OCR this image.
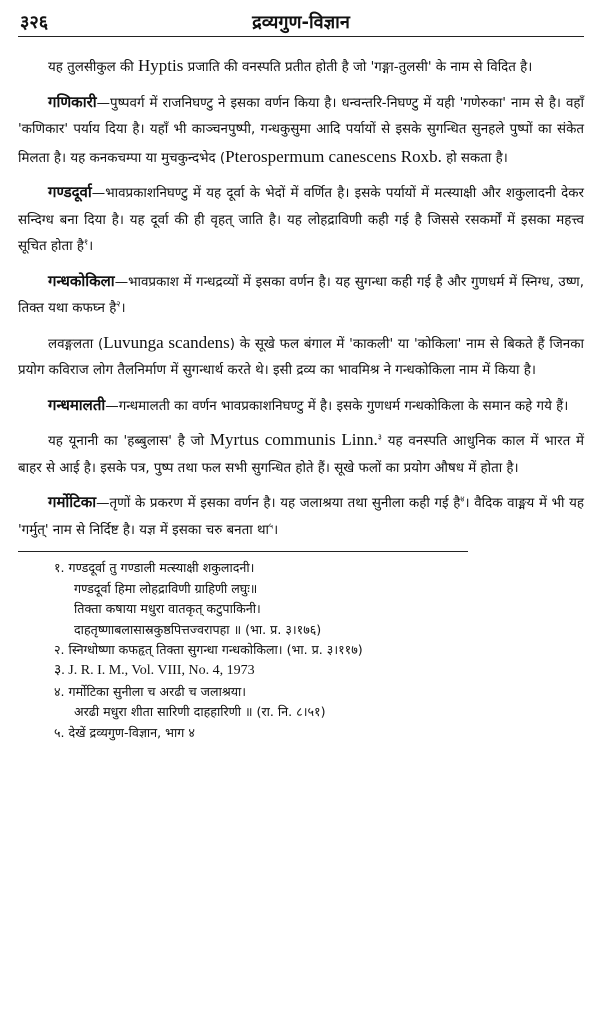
३२६	द्रव्यगुण-विज्ञान

यह तुलसीकुल की Hyptis प्रजाति की वनस्पति प्रतीत होती है जो 'गङ्गा-तुलसी' के नाम से विदित है।

गणिकारी—पुष्पवर्ग में राजनिघण्टु ने इसका वर्णन किया है। धन्वन्तरि-निघण्टु में यही 'गणेरुका' नाम से है। वहाँ 'कणिकार' पर्याय दिया है। यहाँ भी काञ्चनपुष्पी, गन्धकुसुमा आदि पर्यायों से इसके सुगन्धित सुनहले पुष्पों का संकेत मिलता है। यह कनकचम्पा या मुचकुन्दभेद (Pterospermum canescens Roxb. हो सकता है।

गण्डदूर्वा—भावप्रकाशनिघण्टु में यह दूर्वा के भेदों में वर्णित है। इसके पर्यायों में मत्स्याक्षी और शकुलादनी देकर सन्दिग्ध बना दिया है। यह दूर्वा की ही वृहत् जाति है। यह लोहद्राविणी कही गई है जिससे रसकर्मों में इसका महत्त्व सूचित होता है$^१$।

गन्धकोकिला—भावप्रकाश में गन्धद्रव्यों में इसका वर्णन है। यह सुगन्धा कही गई है और गुणधर्म में स्निग्ध, उष्ण, तिक्त यथा कफघ्न है$^२$।

लवङ्गलता (Luvunga scandens) के सूखे फल बंगाल में 'काकली' या 'कोकिला' नाम से बिकते हैं जिनका प्रयोग कविराज लोग तैलनिर्माण में सुगन्धार्थ करते थे। इसी द्रव्य का भावमिश्र ने गन्धकोकिला नाम में किया है।

गन्धमालती—गन्धमालती का वर्णन भावप्रकाशनिघण्टु में है। इसके गुणधर्म गन्धकोकिला के समान कहे गये हैं।

यह यूनानी का 'हब्बुलास' है जो Myrtus communis Linn.$^३$ यह वनस्पति आधुनिक काल में भारत में बाहर से आई है। इसके पत्र, पुष्प तथा फल सभी सुगन्धित होते हैं। सूखे फलों का प्रयोग औषध में होता है।

गर्मोटिका—तृणों के प्रकरण में इसका वर्णन है। यह जलाश्रया तथा सुनीला कही गई है$^४$। वैदिक वाङ्मय में भी यह 'गर्मुत्' नाम से निर्दिष्ट है। यज्ञ में इसका चरु बनता था$^५$।

१. गण्डदूर्वा तु गण्डाली मत्स्याक्षी शकुलादनी।

गण्डदूर्वा हिमा लोहद्राविणी ग्राहिणी लघुः॥

तिक्ता कषाया मधुरा वातकृत् कटुपाकिनी।

दाहतृष्णाबलासास्रकुष्ठपित्तज्वरापहा ॥ (भा. प्र. ३।१७६)

२. स्निग्धोष्णा कफहृत् तिक्ता सुगन्धा गन्धकोकिला। (भा. प्र. ३।११७)

३. J. R. I. M., Vol. VIII, No. 4, 1973

४. गर्मोटिका सुनीला च अरढी च जलाश्रया।

अरढी मधुरा शीता सारिणी दाहहारिणी ॥ (रा. नि. ८।५१)

५. देखें द्रव्यगुण-विज्ञान, भाग ४
